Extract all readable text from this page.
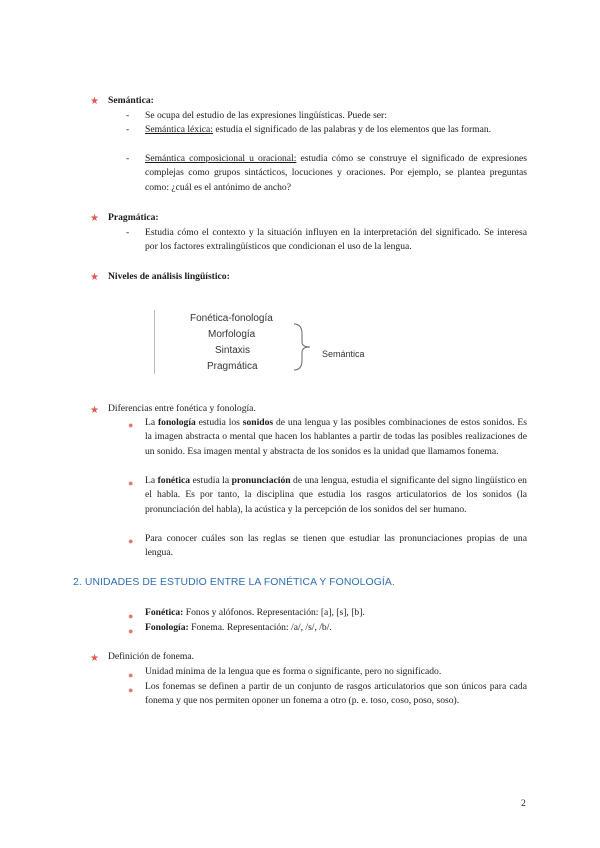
★ Semántica:
- Se ocupa del estudio de las expresiones lingüísticas. Puede ser:
- Semántica léxica: estudia el significado de las palabras y de los elementos que las forman.
- Semántica composicional u oracional: estudia cómo se construye el significado de expresiones complejas como grupos sintácticos, locuciones y oraciones. Por ejemplo, se plantea preguntas como: ¿cuál es el antónimo de ancho?
★ Pragmática:
- Estudia cómo el contexto y la situación influyen en la interpretación del significado. Se interesa por los factores extralingüísticos que condicionan el uso de la lengua.
★ Niveles de análisis lingüístico:
Fonética-fonología
Morfología
Sintaxis
Pragmática
Semántica
★ Diferencias entre fonética y fonología.
● La fonología estudia los sonidos de una lengua y las posibles combinaciones de estos sonidos. Es la imagen abstracta o mental que hacen los hablantes a partir de todas las posibles realizaciones de un sonido. Esa imagen mental y abstracta de los sonidos es la unidad que llamamos fonema.
● La fonética estudia la pronunciación de una lengua, estudia el significante del signo lingüístico en el habla. Es por tanto, la disciplina que estudia los rasgos articulatorios de los sonidos (la pronunciación del habla), la acústica y la percepción de los sonidos del ser humano.
● Para conocer cuáles son las reglas se tienen que estudiar las pronunciaciones propias de una lengua.
2. UNIDADES DE ESTUDIO ENTRE LA FONÉTICA Y FONOLOGÍA.
● Fonética: Fonos y alófonos. Representación: [a], [s], [b].
● Fonología: Fonema. Representación: /a/, /s/, /b/.
★ Definición de fonema.
● Unidad mínima de la lengua que es forma o significante, pero no significado.
● Los fonemas se definen a partir de un conjunto de rasgos articulatorios que son únicos para cada fonema y que nos permiten oponer un fonema a otro (p. e. toso, coso, poso, soso).
2
